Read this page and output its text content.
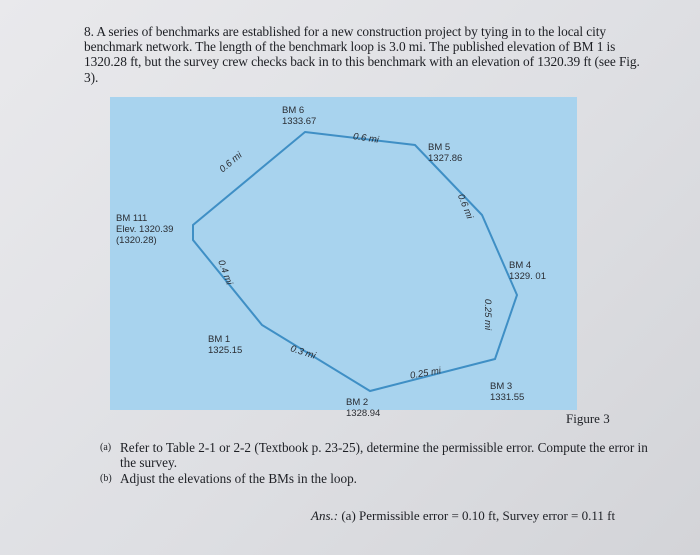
8. A series of benchmarks are established for a new construction project by tying in to the local city benchmark network. The length of the benchmark loop is 3.0 mi. The published elevation of BM 1 is 1320.28 ft, but the survey crew checks back in to this benchmark with an elevation of 1320.39 ft (see Fig. 3).
BM 6
1333.67
BM 5
1327.86
BM 111
Elev. 1320.39
(1320.28)
BM 4
1329. 01
BM 1
1325.15
BM 3
1331.55
BM 2
1328.94
0.6 mi
0.6 mi
0.6 mi
0.4 mi
0.25 mi
0.3 mi
0.25 mi
Figure 3
(a) Refer to Table 2-1 or 2-2 (Textbook p. 23-25), determine the permissible error. Compute the error in the survey.
(b) Adjust the elevations of the BMs in the loop.
Ans.: (a) Permissible error = 0.10 ft, Survey error = 0.11 ft
